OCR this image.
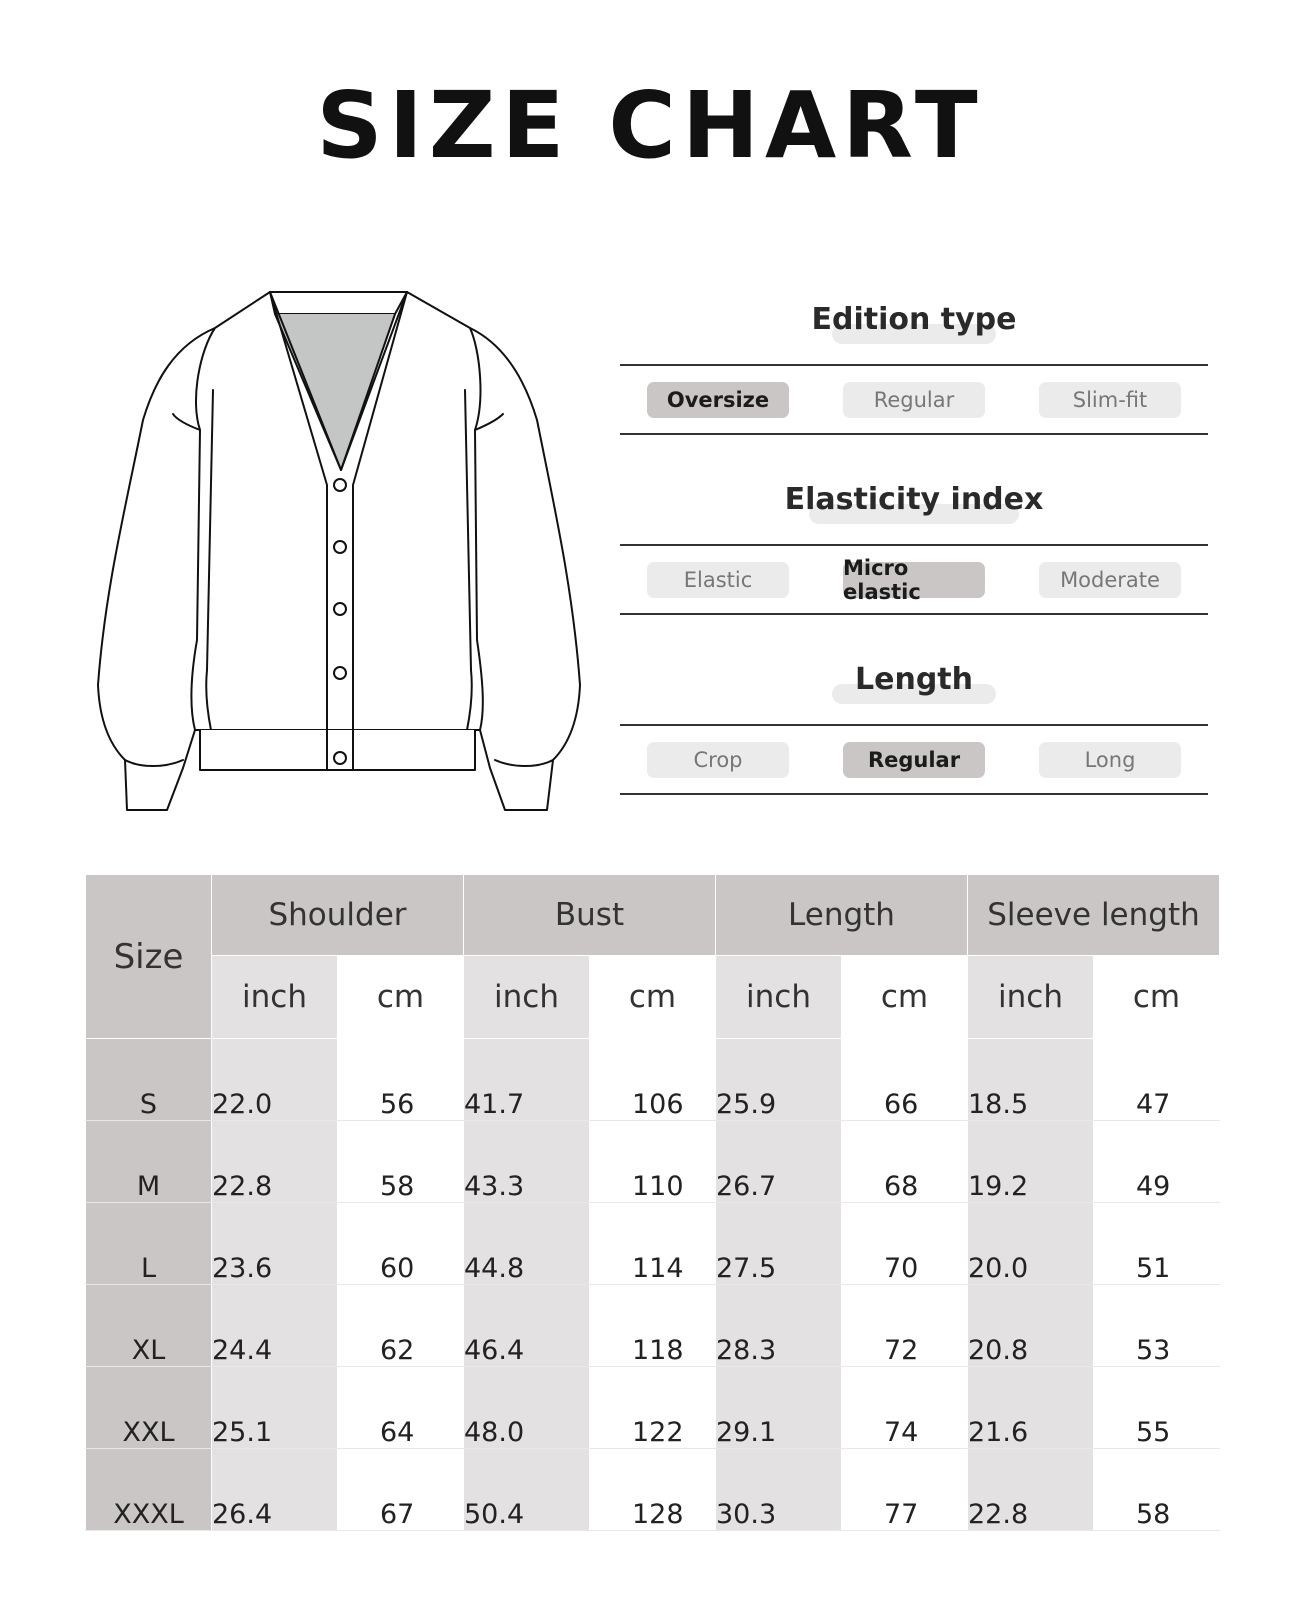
SIZE CHART
Edition type
Oversize	Regular	Slim-fit
Elasticity index
Elastic	Micro elastic	Moderate
Length
Crop	Regular	Long
Size	Shoulder		Bust		Length		Sleeve length	
	inch	cm	inch	cm	inch	cm	inch	cm
S	22.0	56	41.7	106	25.9	66	18.5	47
M	22.8	58	43.3	110	26.7	68	19.2	49
L	23.6	60	44.8	114	27.5	70	20.0	51
XL	24.4	62	46.4	118	28.3	72	20.8	53
XXL	25.1	64	48.0	122	29.1	74	21.6	55
XXXL	26.4	67	50.4	128	30.3	77	22.8	58
